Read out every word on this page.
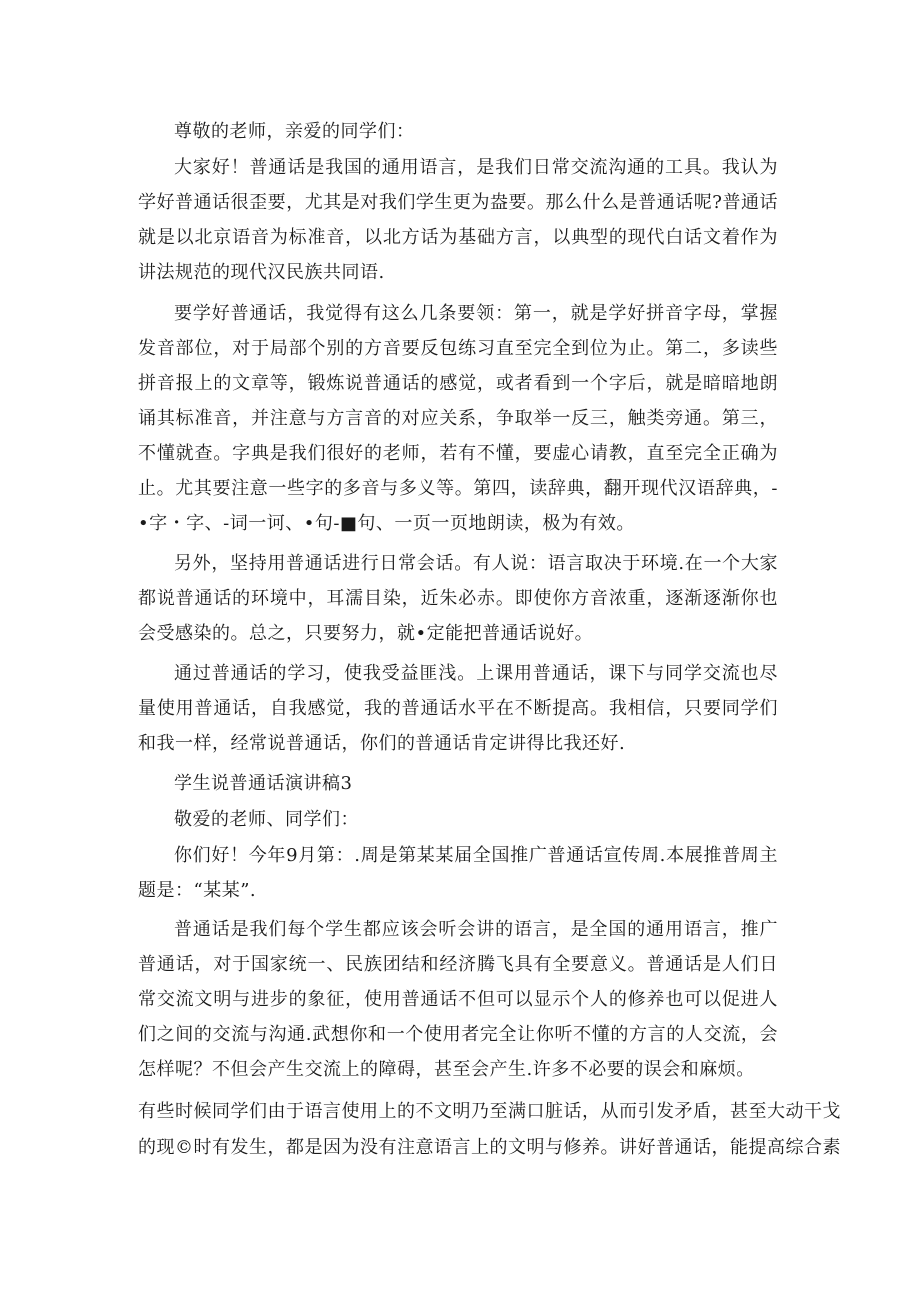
尊敬的老师，亲爱的同学们：

大家好！普通话是我国的通用语言，是我们日常交流沟通的工具。我认为学好普通话很歪要，尤其是对我们学生更为盎要。那么什么是普通话呢?普通话就是以北京语音为标准音，以北方话为基础方言，以典型的现代白话文着作为讲法规范的现代汉民族共同语.

要学好普通话，我觉得有这么几条要领：第一，就是学好拼音字母，掌握发音部位，对于局部个别的方音要反包练习直至完全到位为止。第二，多读些拼音报上的文章等，锻炼说普通话的感觉，或者看到一个字后，就是暗暗地朗诵其标准音，并注意与方言音的对应关系，争取举一反三，触类旁通。第三，不懂就查。字典是我们很好的老师，若有不懂，要虚心请教，直至完全正确为止。尤其要注意一些字的多音与多义等。第四，读辞典，翻开现代汉语辞典，-•字・字、-词一诃、•句-■句、一页一页地朗读，极为有效。

另外，坚持用普通话进行日常会话。有人说：语言取决于环境.在一个大家都说普通话的环境中，耳濡目染，近朱必赤。即使你方音浓重，逐渐逐渐你也会受感染的。总之，只要努力，就•定能把普通话说好。

通过普通话的学习，使我受益匪浅。上课用普通话，课下与同学交流也尽量使用普通话，自我感觉，我的普通话水平在不断提高。我相信，只要同学们和我一样，经常说普通话，你们的普通话肯定讲得比我还好.

学生说普通话演讲稿3

敬爱的老师、同学们：

你们好！今年9月第：.周是第某某届全国推广普通话宣传周.本展推普周主题是：“某某”.

普通话是我们每个学生都应该会听会讲的语言，是全国的通用语言，推广普通话，对于国家统一、民族团结和经济腾飞具有全要意义。普通话是人们日常交流文明与进步的象征，使用普通话不但可以显示个人的修养也可以促进人们之间的交流与沟通.武想你和一个使用者完全让你听不懂的方言的人交流，会怎样呢？不但会产生交流上的障碍，甚至会产生.许多不必要的误会和麻烦。

有些时候同学们由于语言使用上的不文明乃至满口脏话，从而引发矛盾，甚至大动干戈

的现©时有发生，都是因为没有注意语言上的文明与修养。讲好普通话，能提高综合素
